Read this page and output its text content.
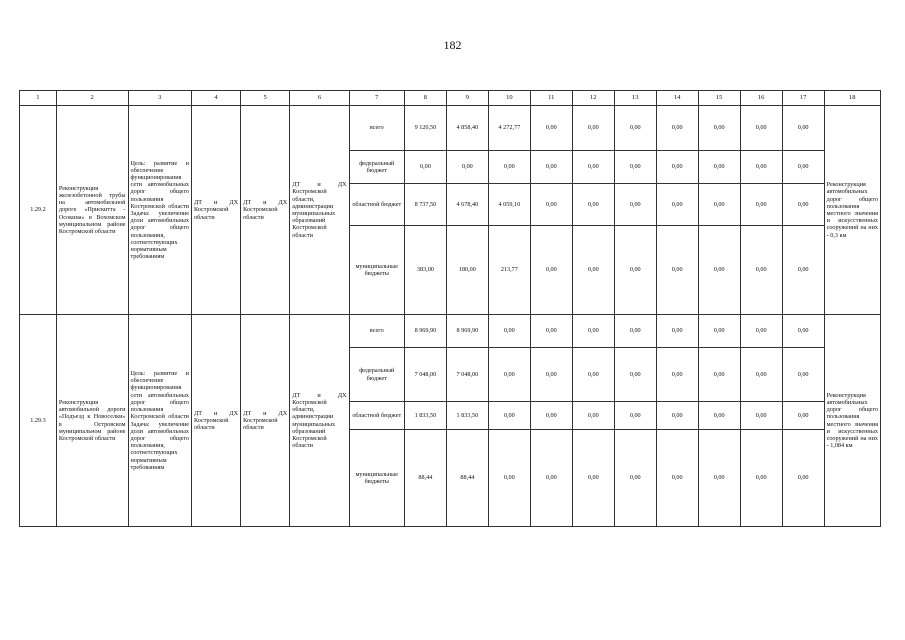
182
1	2	3	4	5	6	7	8	9	10	11	12	13	14	15	16	17	18
1.29.2	Реконструкция железобетонной трубы на автомобильной дороге «Прискитта - Осокина» в Вохомском муниципальном районе Костромской области	Цель: развитие и обеспечение функционирования сети автомобильных дорог общего пользования Костромской области Задача: увеличение доли автомобильных дорог общего пользования, соответствующих нормативным требованиям	ДТ и ДХ Костромской области	ДТ и ДХ Костромской области	ДТ и ДХ Костромской области, администрации муниципальных образований Костромской области	всего	9 120,50	4 858,40	4 272,77	0,00	0,00	0,00	0,00	0,00	0,00	0,00	Реконструкция автомобильных дорог общего пользования местного значения и искусственных сооружений на них - 0,3 км
						федеральный бюджет	0,00	0,00	0,00	0,00	0,00	0,00	0,00	0,00	0,00	0,00	
						областной бюджет	8 737,50	4 678,40	4 059,10	0,00	0,00	0,00	0,00	0,00	0,00	0,00	
						муниципальные бюджеты	383,00	180,00	213,77	0,00	0,00	0,00	0,00	0,00	0,00	0,00	
1.29.3	Реконструкция автомобильной дороги «Подъезд к Новоселки» в Островском муниципальном районе Костромской области	Цель: развитие и обеспечение функционирования сети автомобильных дорог общего пользования Костромской области Задача: увеличение доли автомобильных дорог общего пользования, соответствующих нормативным требованиям	ДТ и ДХ Костромской области	ДТ и ДХ Костромской области	ДТ и ДХ Костромской области, администрации муниципальных образований Костромской области	всего	8 969,90	8 969,90	0,00	0,00	0,00	0,00	0,00	0,00	0,00	0,00	Реконструкция автомобильных дорог общего пользования местного значения и искусственных сооружений на них - 1,084 км
						федеральный бюджет	7 048,00	7 048,00	0,00	0,00	0,00	0,00	0,00	0,00	0,00	0,00	
						областной бюджет	1 833,50	1 833,50	0,00	0,00	0,00	0,00	0,00	0,00	0,00	0,00	
						муниципальные бюджеты	88,44	88,44	0,00	0,00	0,00	0,00	0,00	0,00	0,00	0,00	
